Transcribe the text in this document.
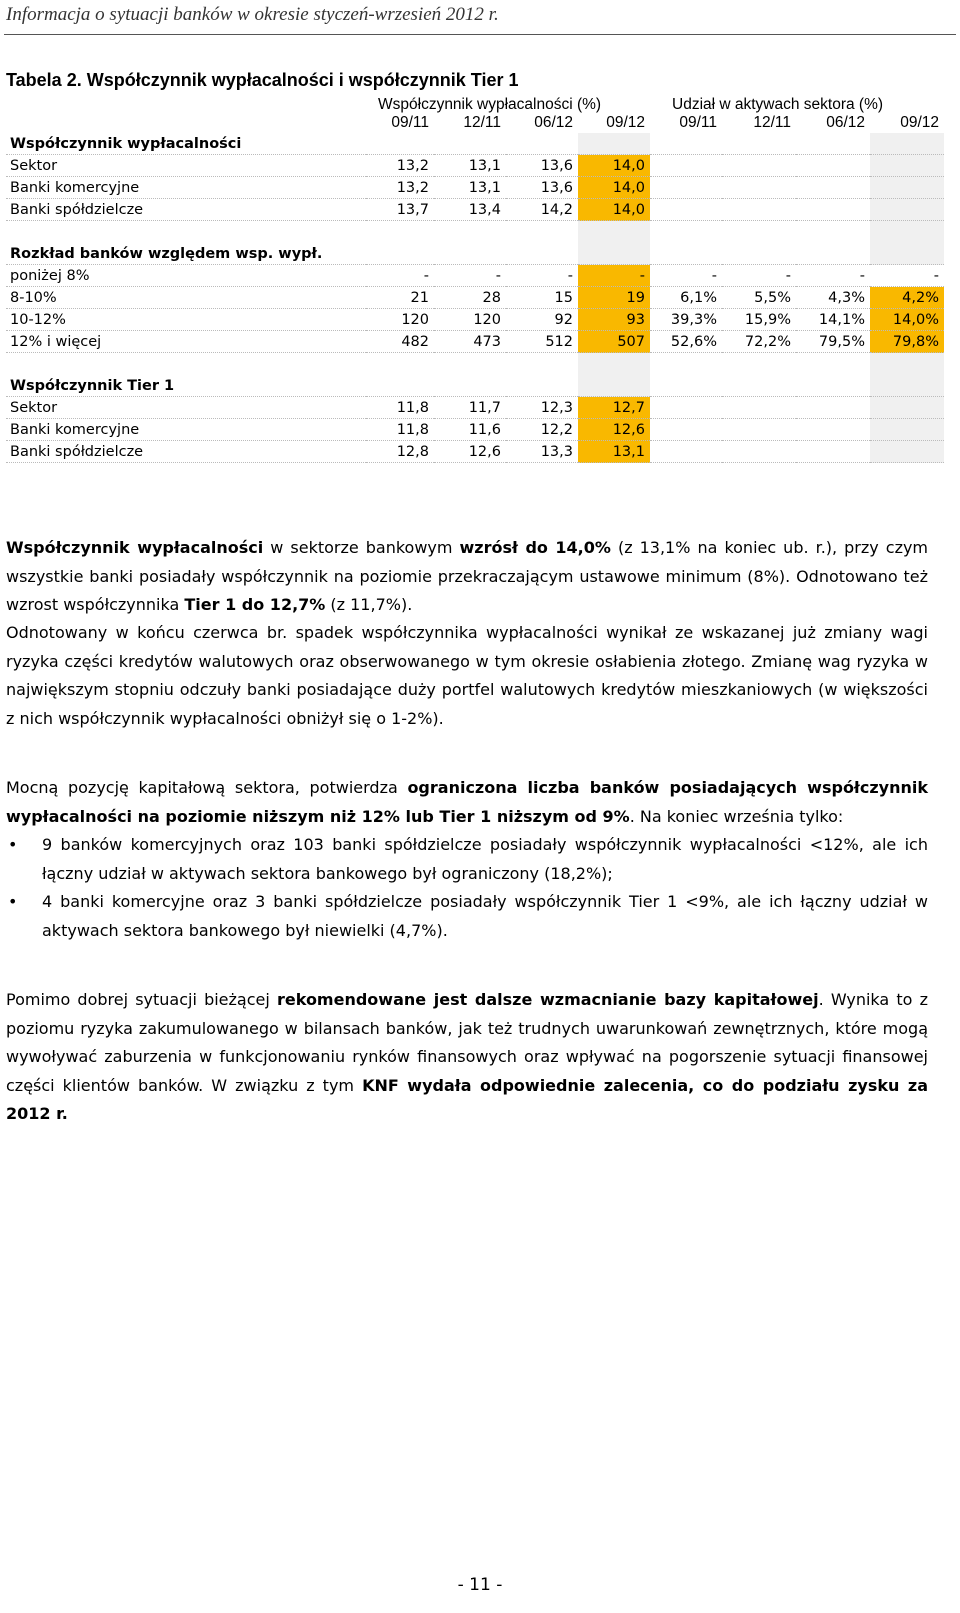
Informacja o sytuacji banków w okresie styczeń-wrzesień 2012 r.
Tabela 2. Współczynnik wypłacalności i współczynnik Tier 1
Współczynnik wypłacalności (%)	Udział w aktywach sektora (%)
	09/11	12/11	06/12	09/12	09/11	12/11	06/12	09/12
Współczynnik wypłacalności								
Sektor	13,2	13,1	13,6	14,0				
Banki komercyjne	13,2	13,1	13,6	14,0				
Banki spółdzielcze	13,7	13,4	14,2	14,0				

Rozkład banków względem wsp. wypł.								
poniżej 8%	-	-	-	-	-	-	-	-
8-10%	21	28	15	19	6,1%	5,5%	4,3%	4,2%
10-12%	120	120	92	93	39,3%	15,9%	14,1%	14,0%
12% i więcej	482	473	512	507	52,6%	72,2%	79,5%	79,8%

Współczynnik Tier 1								
Sektor	11,8	11,7	12,3	12,7				
Banki komercyjne	11,8	11,6	12,2	12,6				
Banki spółdzielcze	12,8	12,6	13,3	13,1				
Współczynnik wypłacalności w sektorze bankowym wzrósł do 14,0% (z 13,1% na koniec ub. r.), przy czym wszystkie banki posiadały współczynnik na poziomie przekraczającym ustawowe minimum (8%). Odnotowano też wzrost współczynnika Tier 1 do 12,7% (z 11,7%).
Odnotowany w końcu czerwca br. spadek współczynnika wypłacalności wynikał ze wskazanej już zmiany wagi ryzyka części kredytów walutowych oraz obserwowanego w tym okresie osłabienia złotego. Zmianę wag ryzyka w największym stopniu odczuły banki posiadające duży portfel walutowych kredytów mieszkaniowych (w większości z nich współczynnik wypłacalności obniżył się o 1-2%).
Mocną pozycję kapitałową sektora, potwierdza ograniczona liczba banków posiadających współczynnik wypłacalności na poziomie niższym niż 12% lub Tier 1 niższym od 9%. Na koniec września tylko:
• 9 banków komercyjnych oraz 103 banki spółdzielcze posiadały współczynnik wypłacalności <12%, ale ich łączny udział w aktywach sektora bankowego był ograniczony (18,2%);
• 4 banki komercyjne oraz 3 banki spółdzielcze posiadały współczynnik Tier 1 <9%, ale ich łączny udział w aktywach sektora bankowego był niewielki (4,7%).
Pomimo dobrej sytuacji bieżącej rekomendowane jest dalsze wzmacnianie bazy kapitałowej. Wynika to z poziomu ryzyka zakumulowanego w bilansach banków, jak też trudnych uwarunkowań zewnętrznych, które mogą wywoływać zaburzenia w funkcjonowaniu rynków finansowych oraz wpływać na pogorszenie sytuacji finansowej części klientów banków. W związku z tym KNF wydała odpowiednie zalecenia, co do podziału zysku za 2012 r.
- 11 -
